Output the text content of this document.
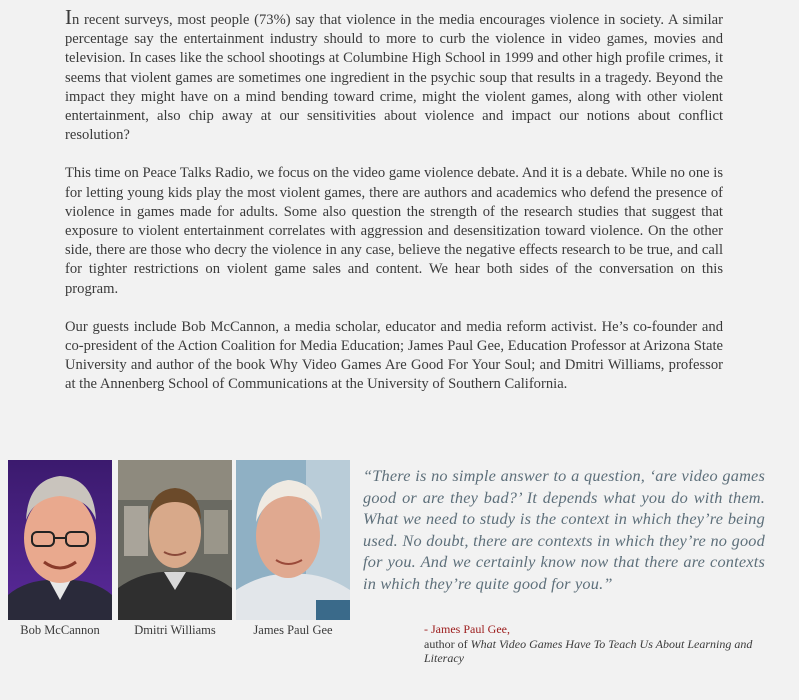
In recent surveys, most people (73%) say that violence in the media encourages violence in society. A similar percentage say the entertainment industry should to more to curb the violence in video games, movies and television. In cases like the school shootings at Columbine High School in 1999 and other high profile crimes, it seems that violent games are sometimes one ingredient in the psychic soup that results in a tragedy. Beyond the impact they might have on a mind bending toward crime, might the violent games, along with other violent entertainment, also chip away at our sensitivities about violence and impact our notions about conflict resolution?

This time on Peace Talks Radio, we focus on the video game violence debate. And it is a debate. While no one is for letting young kids play the most violent games, there are authors and academics who defend the presence of violence in games made for adults. Some also question the strength of the research studies that suggest that exposure to violent entertainment correlates with aggression and desensitization toward violence. On the other side, there are those who decry the violence in any case, believe the negative effects research to be true, and call for tighter restrictions on violent game sales and content. We hear both sides of the conversation on this program.

Our guests include Bob McCannon, a media scholar, educator and media reform activist. He’s co-founder and co-president of the Action Coalition for Media Education; James Paul Gee, Education Professor at Arizona State University and author of the book Why Video Games Are Good For Your Soul; and Dmitri Williams, professor at the Annenberg School of Communications at the University of Southern California.

Bob McCannon	Dmitri Williams	James Paul Gee
“There is no simple answer to a question, ‘are video games good or are they bad?’ It depends what you do with them. What we need to study is the context in which they’re being used. No doubt, there are contexts in which they’re no good for you. And we certainly know now that there are contexts in which they’re quite good for you.”
- James Paul Gee,
author of What Video Games Have To Teach Us About Learning and Literacy
